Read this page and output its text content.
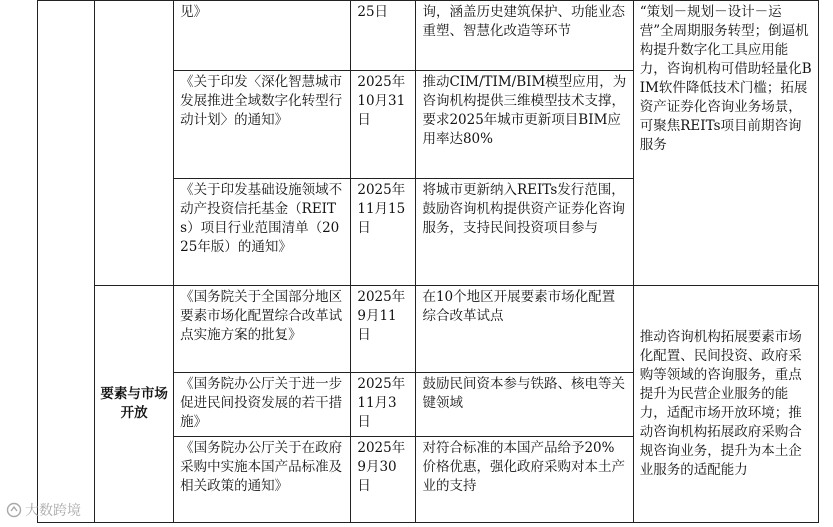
		见》	25日	询，涵盖历史建筑保护、功能业态重塑、智慧化改造等环节	“策划－规划－设计－运营”全周期服务转型；倒逼机构提升数字化工具应用能力，咨询机构可借助轻量化BIM软件降低技术门槛；拓展资产证券化咨询业务场景，可聚焦REITs项目前期咨询服务
		《关于印发〈深化智慧城市发展推进全域数字化转型行动计划〉的通知》	2025年10月31日	推动CIM/TIM/BIM模型应用，为咨询机构提供三维模型技术支撑，要求2025年城市更新项目BIM应用率达80%	
		《关于印发基础设施领域不动产投资信托基金（REITs）项目行业范围清单（2025年版）的通知》	2025年11月15日	将城市更新纳入REITs发行范围，鼓励咨询机构提供资产证券化咨询服务，支持民间投资项目参与	
	要素与市场开放	《国务院关于全国部分地区要素市场化配置综合改革试点实施方案的批复》	2025年9月11日	在10个地区开展要素市场化配置综合改革试点	推动咨询机构拓展要素市场化配置、民间投资、政府采购等领域的咨询服务，重点提升为民营企业服务的能力，适配市场开放环境；推动咨询机构拓展政府采购合规咨询业务，提升为本土企业服务的适配能力
		《国务院办公厅关于进一步促进民间投资发展的若干措施》	2025年11月3日	鼓励民间资本参与铁路、核电等关键领域	
		《国务院办公厅关于在政府采购中实施本国产品标准及相关政策的通知》	2025年9月30日	对符合标准的本国产品给予20%价格优惠，强化政府采购对本土产业的支持	
大数跨境
